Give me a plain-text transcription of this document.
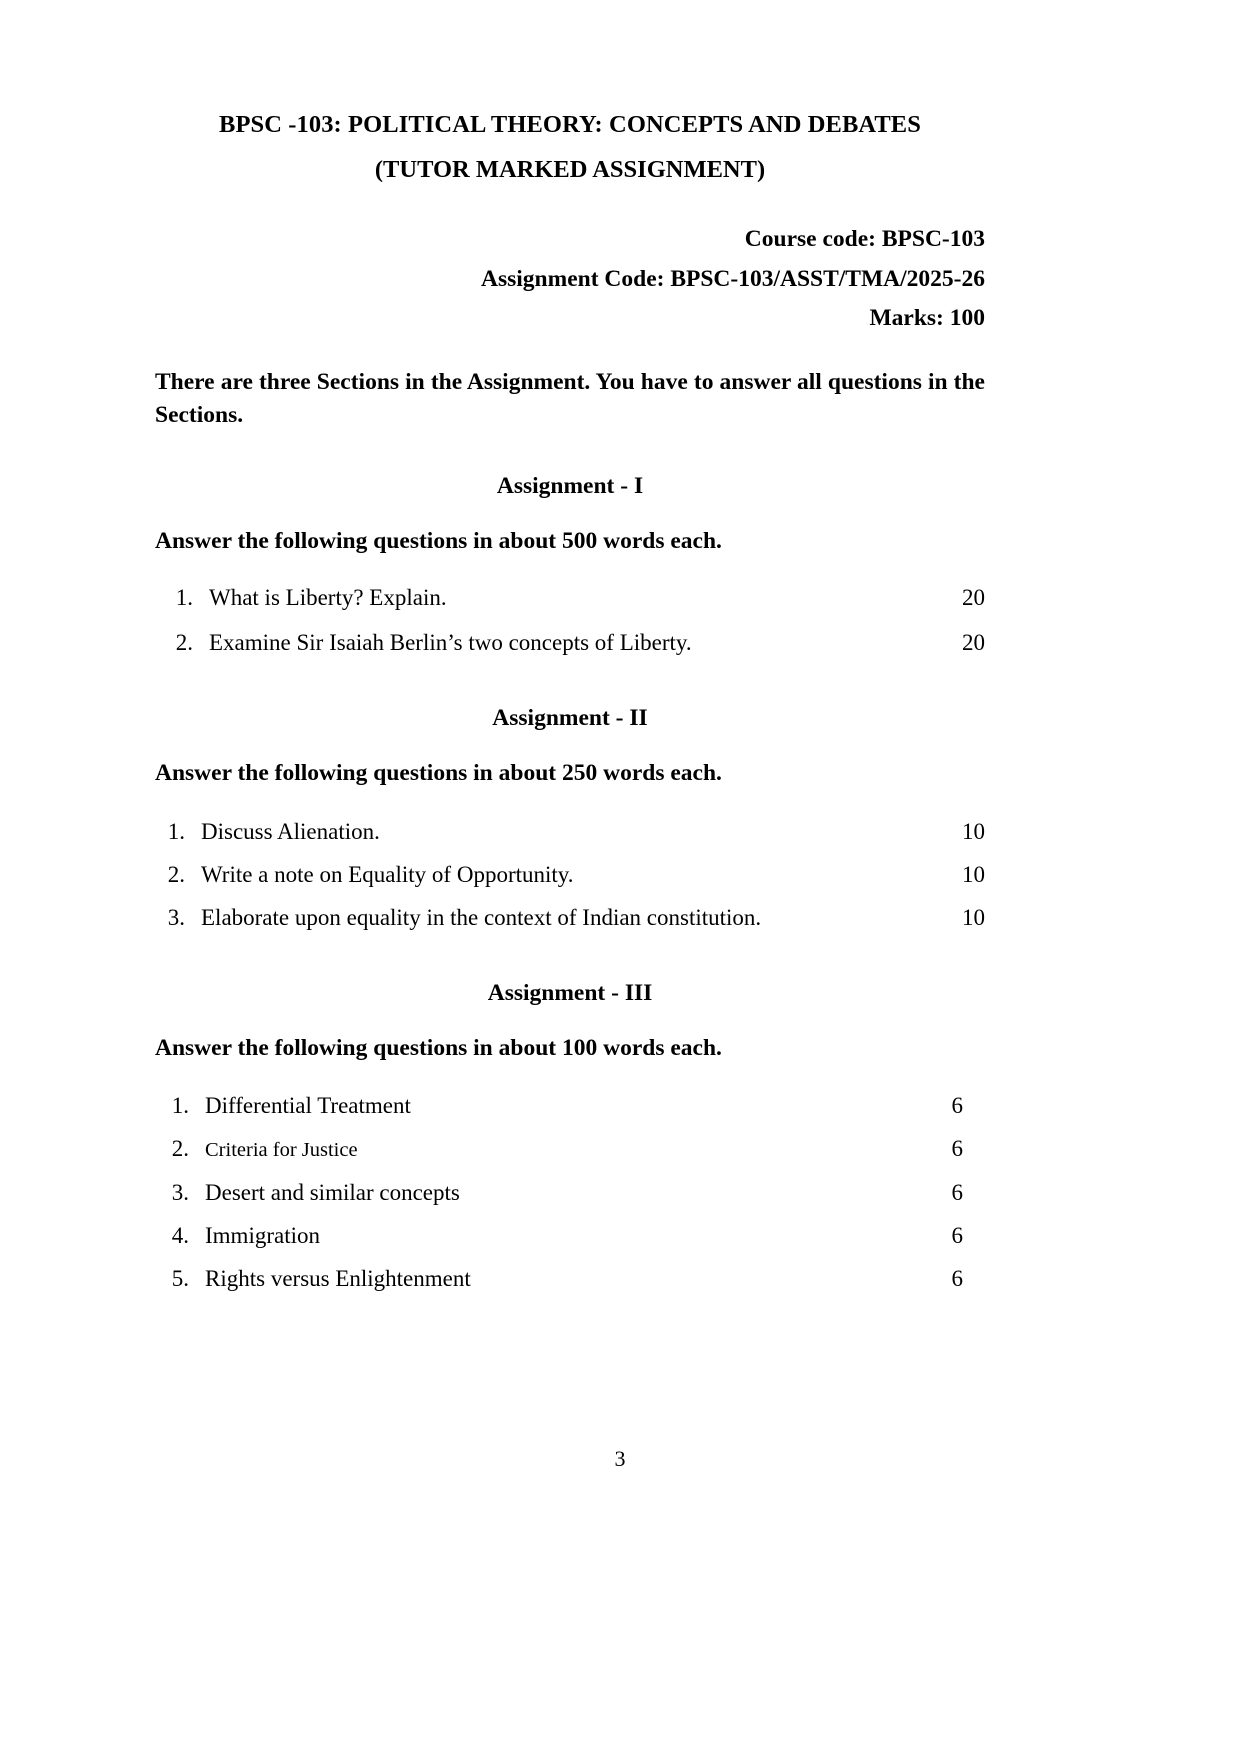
BPSC -103: POLITICAL THEORY: CONCEPTS AND DEBATES
(TUTOR MARKED ASSIGNMENT)
Course code: BPSC-103
Assignment Code: BPSC-103/ASST/TMA/2025-26
Marks: 100

There are three Sections in the Assignment. You have to answer all questions in the Sections.

Assignment - I

Answer the following questions in about 500 words each.

1. What is Liberty? Explain.	20
2. Examine Sir Isaiah Berlin’s two concepts of Liberty.	20
Assignment - II

Answer the following questions in about 250 words each.

1. Discuss Alienation.	10
2. Write a note on Equality of Opportunity.	10
3. Elaborate upon equality in the context of Indian constitution.	10
Assignment - III

Answer the following questions in about 100 words each.

1. Differential Treatment	6
2. Criteria for Justice	6
3. Desert and similar concepts	6
4. Immigration	6
5. Rights versus Enlightenment	6
3
